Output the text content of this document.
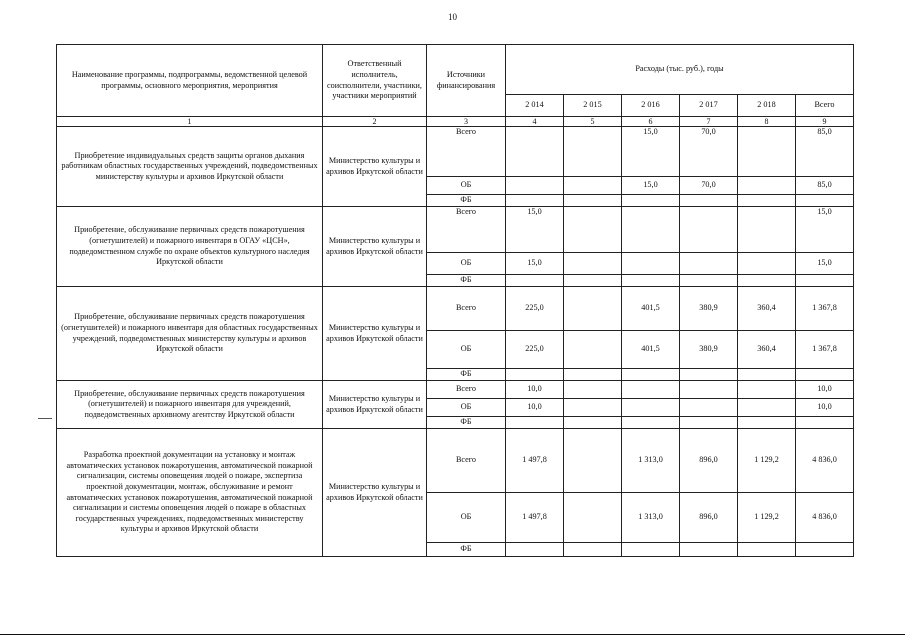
10
Наименование программы, подпрограммы, ведомственной целевой программы, основного мероприятия, мероприятия	Ответственный исполнитель, соисполнители, участники, участники мероприятий	Источники финансирования	Расходы (тыс. руб.), годы					
			2 014	2 015	2 016	2 017	2 018	Всего
1	2	3	4	5	6	7	8	9
Приобретение индивидуальных средств защиты органов дыхания работникам областных государственных учреждений, подведомственных министерству культуры и архивов Иркутской области	Министерство культуры и архивов Иркутской области	Всего			15,0	70,0		85,0
		ОБ			15,0	70,0		85,0
		ФБ						
Приобретение, обслуживание первичных средств пожаротушения (огнетушителей) и пожарного инвентаря в ОГАУ «ЦСН», подведомственном службе по охране объектов культурного наследия Иркутской области	Министерство культуры и архивов Иркутской области	Всего	15,0					15,0
		ОБ	15,0					15,0
		ФБ						
Приобретение, обслуживание первичных средств пожаротушения (огнетушителей) и пожарного инвентаря для областных государственных учреждений, подведомственных министерству культуры и архивов Иркутской области	Министерство культуры и архивов Иркутской области	Всего	225,0		401,5	380,9	360,4	1 367,8
		ОБ	225,0		401,5	380,9	360,4	1 367,8
		ФБ						
Приобретение, обслуживание первичных средств пожаротушения (огнетушителей) и пожарного инвентаря для учреждений, подведомственных архивному агентству Иркутской области	Министерство культуры и архивов Иркутской области	Всего	10,0					10,0
		ОБ	10,0					10,0
		ФБ						
Разработка проектной документации на установку и монтаж автоматических установок пожаротушения, автоматической пожарной сигнализации, системы оповещения людей о пожаре, экспертиза проектной документации, монтаж, обслуживание и ремонт автоматических установок пожаротушения, автоматической пожарной сигнализации и системы оповещения людей о пожаре в областных государственных учреждениях, подведомственных министерству культуры и архивов Иркутской области	Министерство культуры и архивов Иркутской области	Всего	1 497,8		1 313,0	896,0	1 129,2	4 836,0
		ОБ	1 497,8		1 313,0	896,0	1 129,2	4 836,0
		ФБ						
